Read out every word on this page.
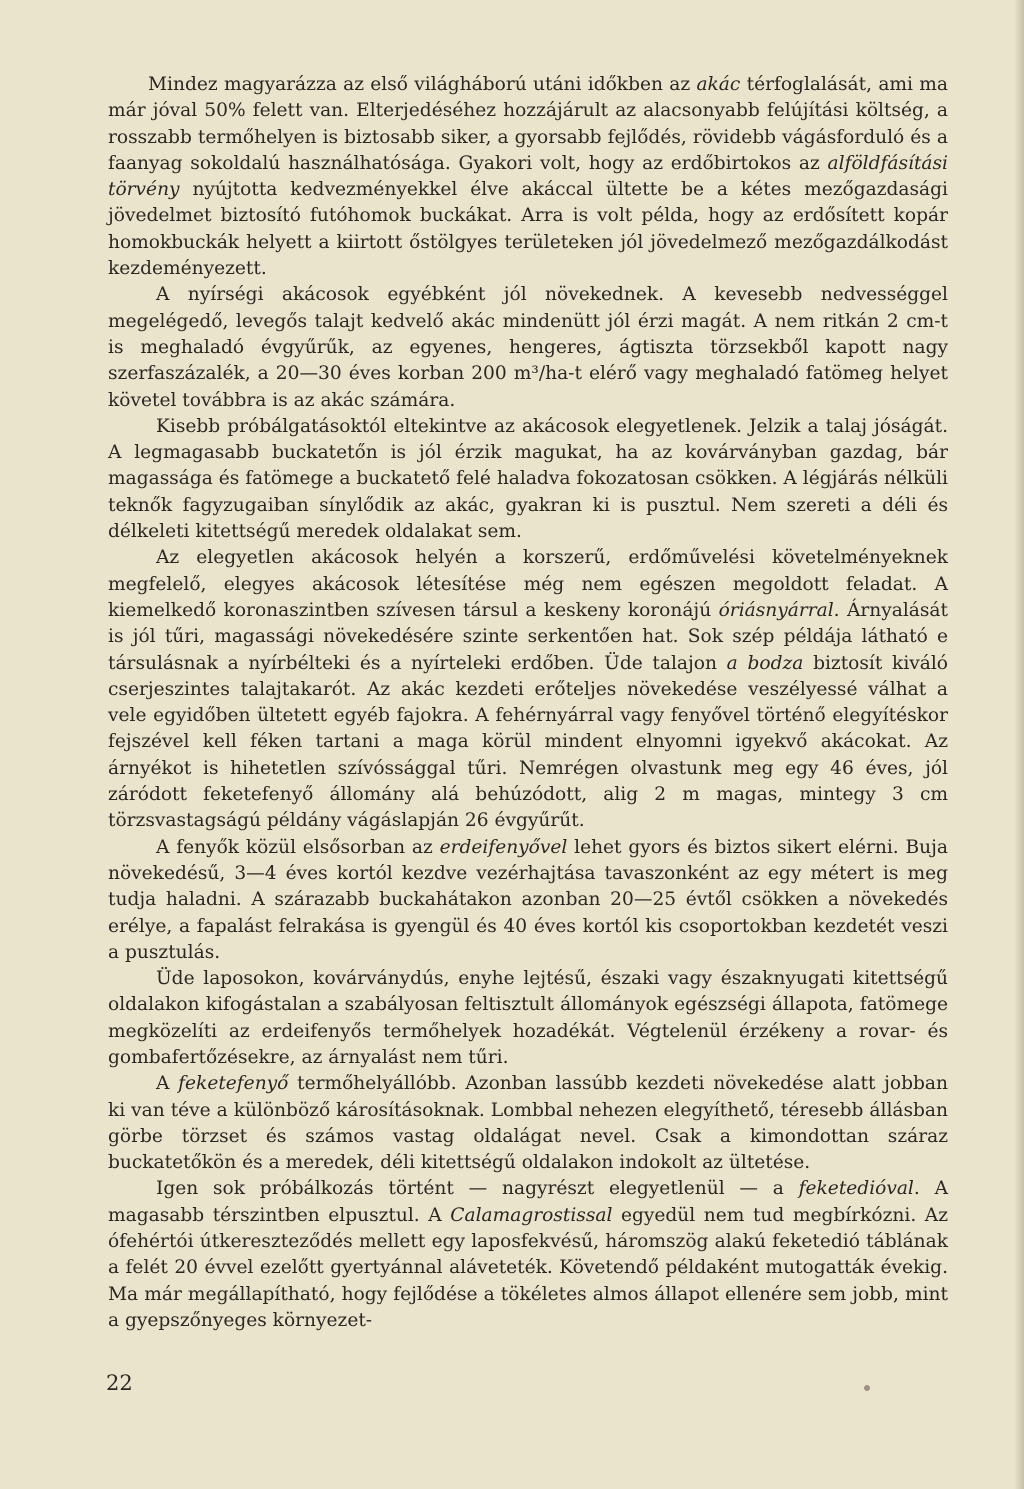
Mindez magyarázza az első világháború utáni időkben az akác térfoglalását, ami ma már jóval 50% felett van. Elterjedéséhez hozzájárult az alacsonyabb felújítási költség, a rosszabb termőhelyen is biztosabb siker, a gyorsabb fejlődés, rövidebb vágásforduló és a faanyag sokoldalú használhatósága. Gyakori volt, hogy az erdőbirtokos az alföldfásítási törvény nyújtotta kedvezményekkel élve akáccal ültette be a kétes mezőgazdasági jövedelmet biztosító futóhomok buckákat. Arra is volt példa, hogy az erdősített kopár homokbuckák helyett a kiirtott őstölgyes területeken jól jövedelmező mezőgazdálkodást kezdeményezett.

A nyírségi akácosok egyébként jól növekednek. A kevesebb nedvességgel megelégedő, levegős talajt kedvelő akác mindenütt jól érzi magát. A nem ritkán 2 cm-t is meghaladó évgyűrűk, az egyenes, hengeres, ágtiszta törzsekből kapott nagy szerfaszázalék, a 20—30 éves korban 200 m³/ha-t elérő vagy meghaladó fatömeg helyet követel továbbra is az akác számára.

Kisebb próbálgatásoktól eltekintve az akácosok elegyetlenek. Jelzik a talaj jóságát. A legmagasabb buckatetőn is jól érzik magukat, ha az kovárványban gazdag, bár magassága és fatömege a buckatető felé haladva fokozatosan csökken. A légjárás nélküli teknők fagyzugaiban sínylődik az akác, gyakran ki is pusztul. Nem szereti a déli és délkeleti kitettségű meredek oldalakat sem.

Az elegyetlen akácosok helyén a korszerű, erdőművelési követelményeknek megfelelő, elegyes akácosok létesítése még nem egészen megoldott feladat. A kiemelkedő koronaszintben szívesen társul a keskeny koronájú óriásnyárral. Árnyalását is jól tűri, magassági növekedésére szinte serkentően hat. Sok szép példája látható e társulásnak a nyírbélteki és a nyírteleki erdőben. Üde talajon a bodza biztosít kiváló cserjeszintes talajtakarót. Az akác kezdeti erőteljes növekedése veszélyessé válhat a vele egyidőben ültetett egyéb fajokra. A fehérnyárral vagy fenyővel történő elegyítéskor fejszével kell féken tartani a maga körül mindent elnyomni igyekvő akácokat. Az árnyékot is hihetetlen szívóssággal tűri. Nemrégen olvastunk meg egy 46 éves, jól záródott feketefenyő állomány alá behúzódott, alig 2 m magas, mintegy 3 cm törzsvastagságú példány vágáslapján 26 évgyűrűt.

A fenyők közül elsősorban az erdeifenyővel lehet gyors és biztos sikert elérni. Buja növekedésű, 3—4 éves kortól kezdve vezérhajtása tavaszonként az egy métert is meg tudja haladni. A szárazabb buckahátakon azonban 20—25 évtől csökken a növekedés erélye, a fapalást felrakása is gyengül és 40 éves kortól kis csoportokban kezdetét veszi a pusztulás.

Üde laposokon, kovárványdús, enyhe lejtésű, északi vagy északnyugati kitettségű oldalakon kifogástalan a szabályosan feltisztult állományok egészségi állapota, fatömege megközelíti az erdeifenyős termőhelyek hozadékát. Végtelenül érzékeny a rovar- és gombafertőzésekre, az árnyalást nem tűri.

A feketefenyő termőhelyállóbb. Azonban lassúbb kezdeti növekedése alatt jobban ki van téve a különböző károsításoknak. Lombbal nehezen elegyíthető, téresebb állásban görbe törzset és számos vastag oldalágat nevel. Csak a kimondottan száraz buckatetőkön és a meredek, déli kitettségű oldalakon indokolt az ültetése.

Igen sok próbálkozás történt — nagyrészt elegyetlenül — a feketedióval. A magasabb térszintben elpusztul. A Calamagrostissal egyedül nem tud megbírkózni. Az ófehértói útkereszteződés mellett egy laposfekvésű, háromszög alakú feketedió táblának a felét 20 évvel ezelőtt gyertyánnal aláveteték. Követendő példaként mutogatták évekig. Ma már megállapítható, hogy fejlődése a tökéletes almos állapot ellenére sem jobb, mint a gyepszőnyeges környezet-

22
